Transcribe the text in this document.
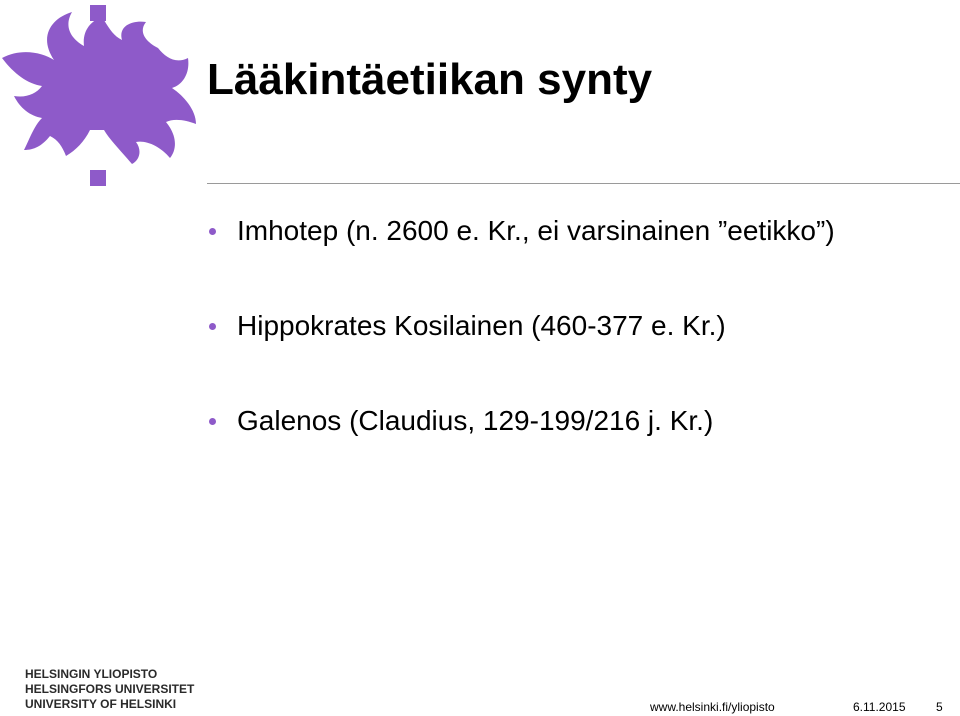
Lääkintäetiikan synty
Imhotep (n. 2600 e. Kr., ei varsinainen ”eetikko”)
Hippokrates Kosilainen (460-377 e. Kr.)
Galenos (Claudius, 129-199/216 j. Kr.)
HELSINGIN YLIOPISTO
HELSINGFORS UNIVERSITET
UNIVERSITY OF HELSINKI	www.helsinki.fi/yliopisto	6.11.2015	5
